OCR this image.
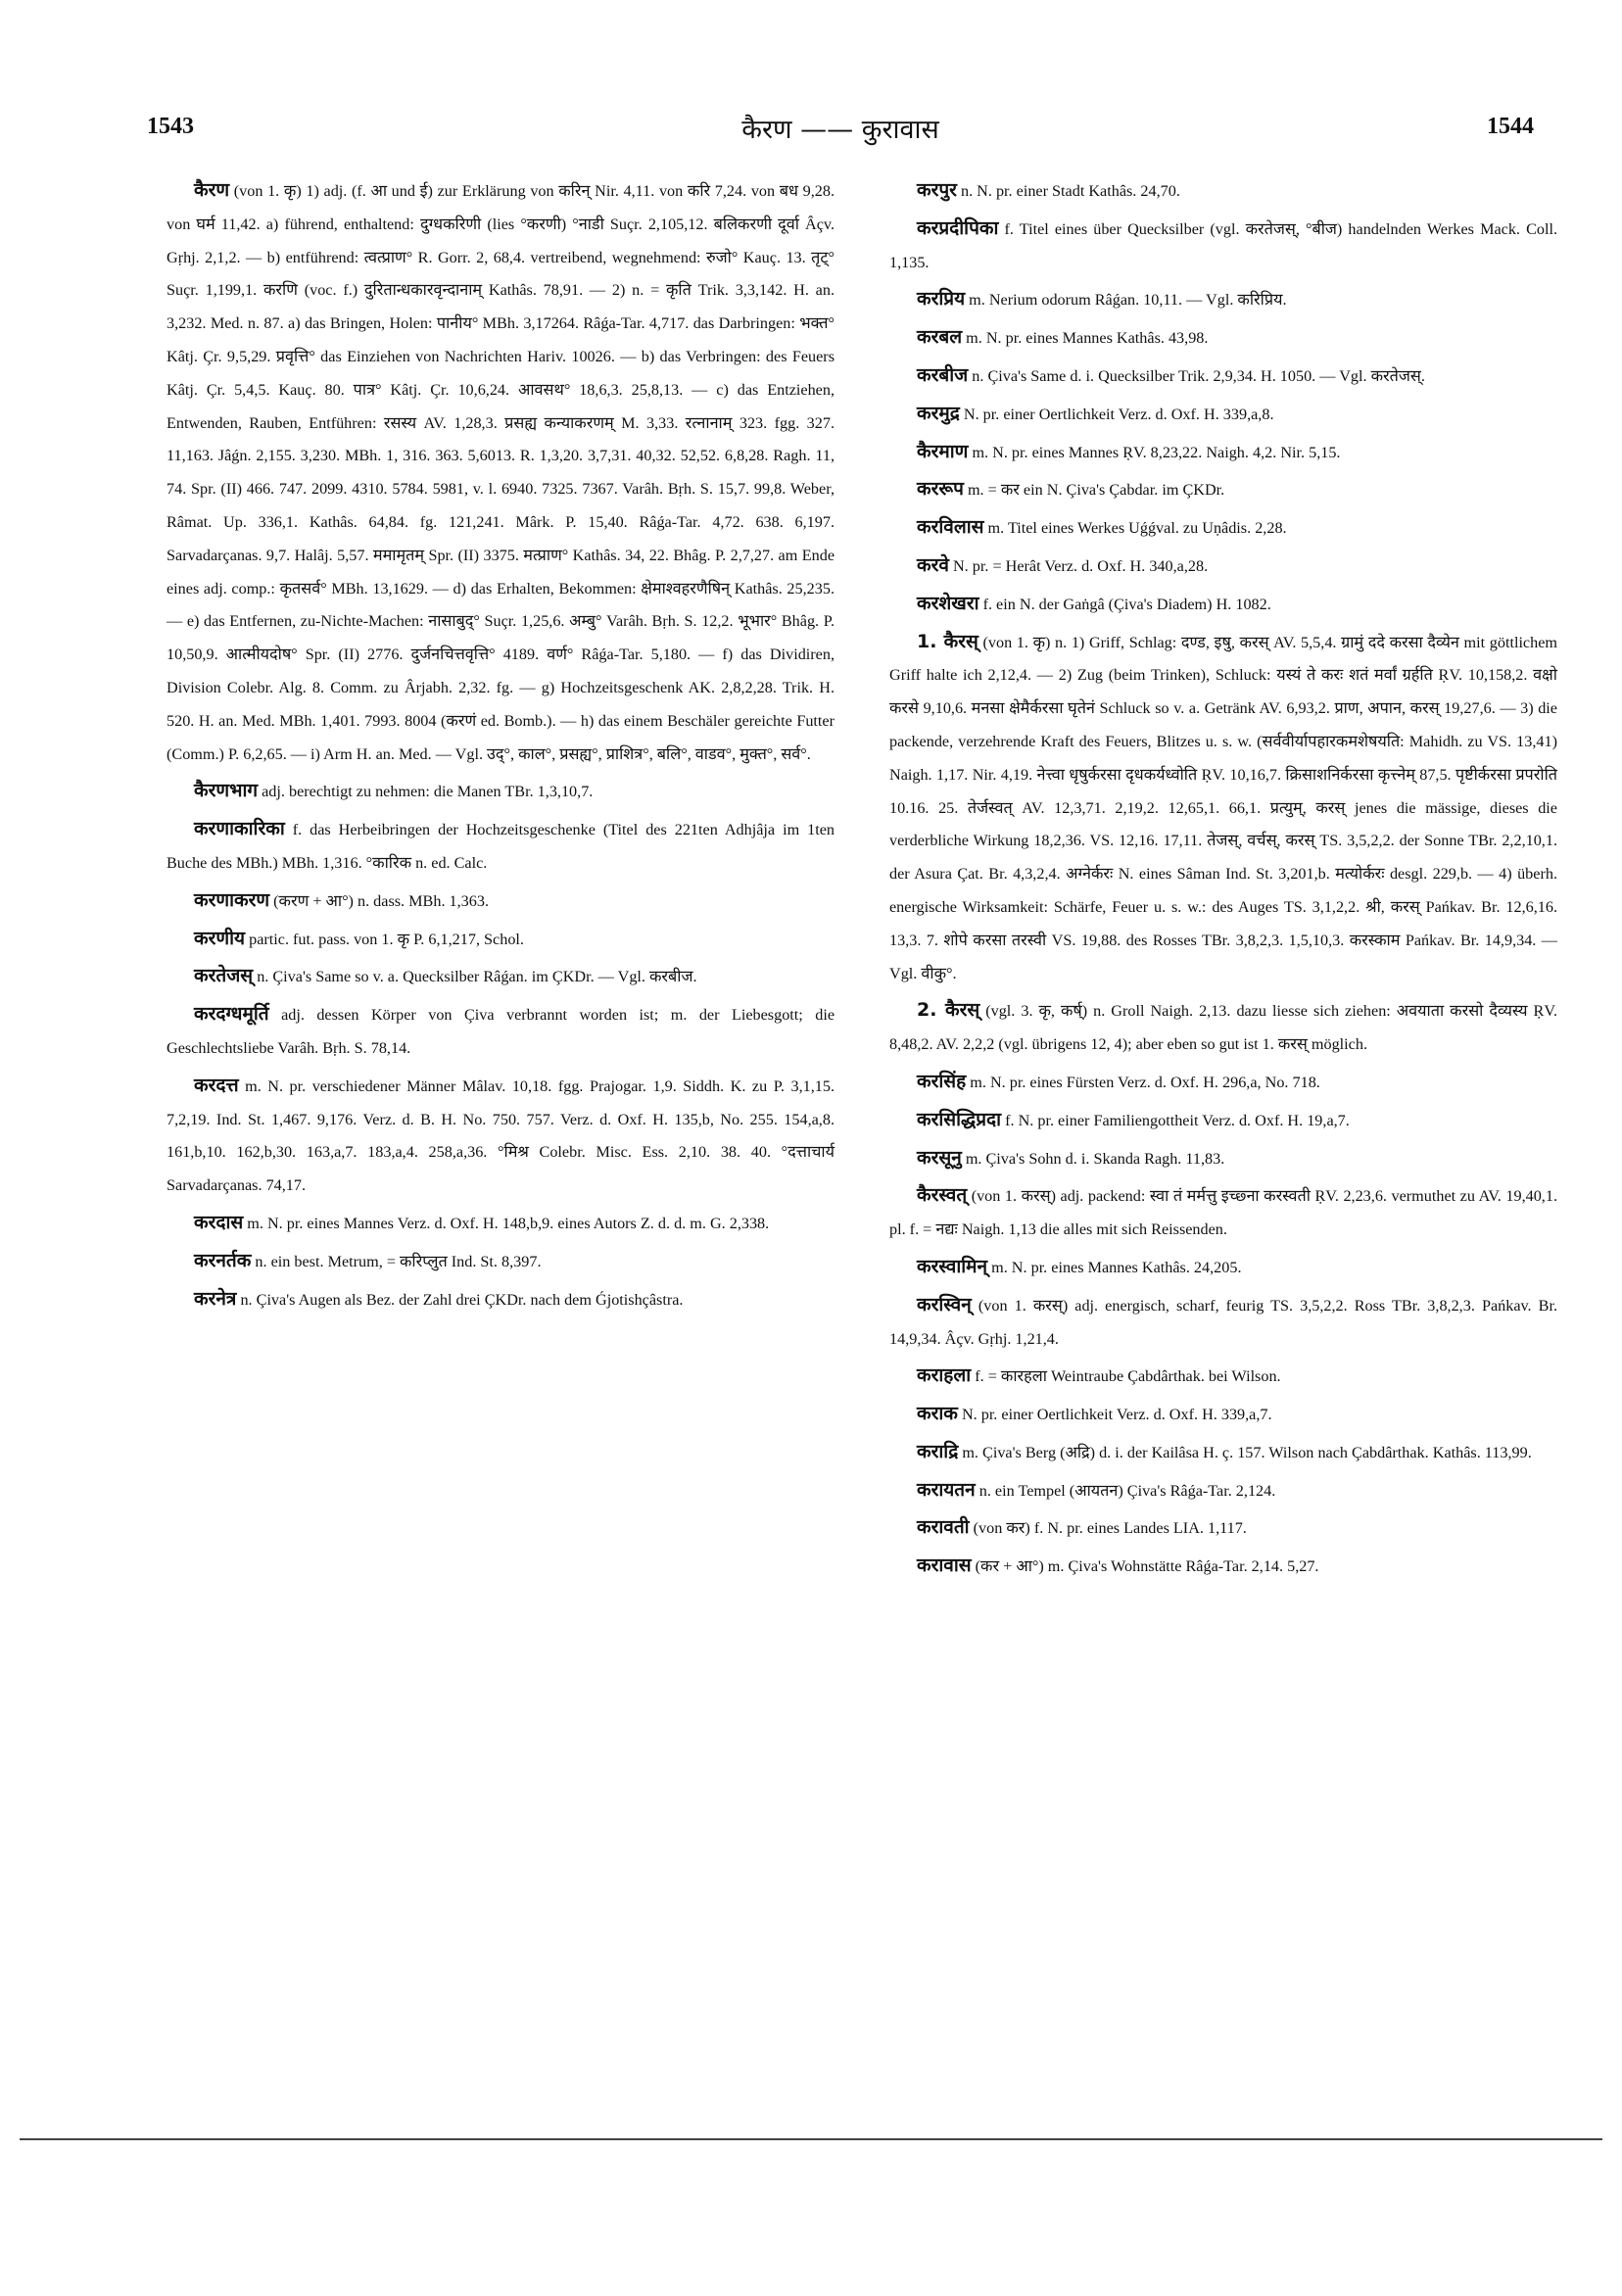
1543	कैरण —— कुरावास	1544

कैरण (von 1. कृ) 1) adj. (f. आ und ई) zur Erklärung von करिन् Nir. 4,11. von करि 7,24. von बध 9,28. von घर्म 11,42. a) führend, enthaltend: दुग्धकरिणी (lies °करणी) °नाडी Suçr. 2,105,12. बलिकरणी दूर्वा Âçv. Gṛhj. 2,1,2. — b) entführend: त्वत्प्राण° R. Gorr. 2, 68,4. vertreibend, wegnehmend: रुजो° Kauç. 13. तृट्° Suçr. 1,199,1. करणि (voc. f.) दुरितान्धकारवृन्दानाम् Kathâs. 78,91. — 2) n. = कृति Trik. 3,3,142. H. an. 3,232. Med. n. 87. a) das Bringen, Holen: पानीय° MBh. 3,17264. Râǵa-Tar. 4,717. das Darbringen: भक्त° Kâtj. Çr. 9,5,29. प्रवृत्ति° das Einziehen von Nachrichten Hariv. 10026. — b) das Verbringen: des Feuers Kâtj. Çr. 5,4,5. Kauç. 80. पात्र° Kâtj. Çr. 10,6,24. आवसथ° 18,6,3. 25,8,13. — c) das Entziehen, Entwenden, Rauben, Entführen: रसस्य AV. 1,28,3. प्रसह्य कन्याकरणम् M. 3,33. रत्नानाम् 323. fgg. 327. 11,163. Jâǵn. 2,155. 3,230. MBh. 1, 316. 363. 5,6013. R. 1,3,20. 3,7,31. 40,32. 52,52. 6,8,28. Ragh. 11, 74. Spr. (II) 466. 747. 2099. 4310. 5784. 5981, v. l. 6940. 7325. 7367. Varâh. Bṛh. S. 15,7. 99,8. Weber, Râmat. Up. 336,1. Kathâs. 64,84. fg. 121,241. Mârk. P. 15,40. Râǵa-Tar. 4,72. 638. 6,197. Sarvadarçanas. 9,7. Halâj. 5,57. ममामृतम् Spr. (II) 3375. मत्प्राण° Kathâs. 34, 22. Bhâg. P. 2,7,27. am Ende eines adj. comp.: कृतसर्व° MBh. 13,1629. — d) das Erhalten, Bekommen: क्षेमाश्वहरणैषिन् Kathâs. 25,235. — e) das Entfernen, zu-Nichte-Machen: नासाबुद्° Suçr. 1,25,6. अम्बु° Varâh. Bṛh. S. 12,2. भूभार° Bhâg. P. 10,50,9. आत्मीयदोष° Spr. (II) 2776. दुर्जनचित्तवृत्ति° 4189. वर्ण° Râǵa-Tar. 5,180. — f) das Dividiren, Division Colebr. Alg. 8. Comm. zu Ârjabh. 2,32. fg. — g) Hochzeitsgeschenk AK. 2,8,2,28. Trik. H. 520. H. an. Med. MBh. 1,401. 7993. 8004 (करणं ed. Bomb.). — h) das einem Beschäler gereichte Futter (Comm.) P. 6,2,65. — i) Arm H. an. Med. — Vgl. उद्°, काल°, प्रसह्य°, प्राशित्र°, बलि°, वाडव°, मुक्त°, सर्व°.

कैरणभाग adj. berechtigt zu nehmen: die Manen TBr. 1,3,10,7.

करणाकारिका f. das Herbeibringen der Hochzeitsgeschenke (Titel des 221ten Adhjâja im 1ten Buche des MBh.) MBh. 1,316. °कारिक n. ed. Calc.

करणाकरण (करण + आ°) n. dass. MBh. 1,363.

करणीय partic. fut. pass. von 1. कृ P. 6,1,217, Schol.

करतेजस् n. Çiva's Same so v. a. Quecksilber Râǵan. im ÇKDr. — Vgl. करबीज.

करदग्धमूर्ति adj. dessen Körper von Çiva verbrannt worden ist; m. der Liebesgott; die Geschlechtsliebe Varâh. Bṛh. S. 78,14.

करदत्त m. N. pr. verschiedener Männer Mâlav. 10,18. fgg. Prajogar. 1,9. Siddh. K. zu P. 3,1,15. 7,2,19. Ind. St. 1,467. 9,176. Verz. d. B. H. No. 750. 757. Verz. d. Oxf. H. 135,b, No. 255. 154,a,8. 161,b,10. 162,b,30. 163,a,7. 183,a,4. 258,a,36. °मिश्र Colebr. Misc. Ess. 2,10. 38. 40. °दत्ताचार्य Sarvadarçanas. 74,17.

करदास m. N. pr. eines Mannes Verz. d. Oxf. H. 148,b,9. eines Autors Z. d. d. m. G. 2,338.

करनर्तक n. ein best. Metrum, = करिप्लुत Ind. St. 8,397.

करनेत्र n. Çiva's Augen als Bez. der Zahl drei ÇKDr. nach dem Ǵjotishçâstra.

करपुर n. N. pr. einer Stadt Kathâs. 24,70.

करप्रदीपिका f. Titel eines über Quecksilber (vgl. करतेजस्, °बीज) handelnden Werkes Mack. Coll. 1,135.

करप्रिय m. Nerium odorum Râǵan. 10,11. — Vgl. करिप्रिय.

करबल m. N. pr. eines Mannes Kathâs. 43,98.

करबीज n. Çiva's Same d. i. Quecksilber Trik. 2,9,34. H. 1050. — Vgl. करतेजस्.

करमुद्र N. pr. einer Oertlichkeit Verz. d. Oxf. H. 339,a,8.

कैरमाण m. N. pr. eines Mannes ṚV. 8,23,22. Naigh. 4,2. Nir. 5,15.

कररूप m. = कर ein N. Çiva's Çabdar. im ÇKDr.

करविलास m. Titel eines Werkes Uǵǵval. zu Uṇâdis. 2,28.

करवे N. pr. = Herât Verz. d. Oxf. H. 340,a,28.

करशेखरा f. ein N. der Gaṅgâ (Çiva's Diadem) H. 1082.

1. कैरस् (von 1. कृ) n. 1) Griff, Schlag: दण्ड, इषु, करस् AV. 5,5,4. ग्रामुं ददे करसा दैव्येन mit göttlichem Griff halte ich 2,12,4. — 2) Zug (beim Trinken), Schluck: यस्यं ते करः शतं मर्वां ग्रर्हति ṚV. 10,158,2. वक्षो करसे 9,10,6. मनसा क्षेमैर्करसा घृतेनं Schluck so v. a. Getränk AV. 6,93,2. प्राण, अपान, करस् 19,27,6. — 3) die packende, verzehrende Kraft des Feuers, Blitzes u. s. w. (सर्ववीर्यापहारकमशेषयति: Mahidh. zu VS. 13,41) Naigh. 1,17. Nir. 4,19. नेत्त्वा धृषुर्करसा दृधकर्यध्वोति ṚV. 10,16,7. क्रिसाशनिर्करसा कृत्त्नेम् 87,5. पृष्टीर्करसा प्रपरोति 10.16. 25. तेर्जस्वत् AV. 12,3,71. 2,19,2. 12,65,1. 66,1. प्रत्युम्, करस् jenes die mässige, dieses die verderbliche Wirkung 18,2,36. VS. 12,16. 17,11. तेजस्, वर्चस्, करस् TS. 3,5,2,2. der Sonne TBr. 2,2,10,1. der Asura Çat. Br. 4,3,2,4. अग्नेर्करः N. eines Sâman Ind. St. 3,201,b. मत्योर्करः desgl. 229,b. — 4) überh. energische Wirksamkeit: Schärfe, Feuer u. s. w.: des Auges TS. 3,1,2,2. श्री, करस् Pańkav. Br. 12,6,16. 13,3. 7. शोपे करसा तरस्वी VS. 19,88. des Rosses TBr. 3,8,2,3. 1,5,10,3. करस्काम Pańkav. Br. 14,9,34. — Vgl. वीकु°.

2. कैरस् (vgl. 3. कृ, कर्ष्) n. Groll Naigh. 2,13. dazu liesse sich ziehen: अवयाता करसो दैव्यस्य ṚV. 8,48,2. AV. 2,2,2 (vgl. übrigens 12, 4); aber eben so gut ist 1. करस् möglich.

करसिंह m. N. pr. eines Fürsten Verz. d. Oxf. H. 296,a, No. 718.

करसिद्धिप्रदा f. N. pr. einer Familiengottheit Verz. d. Oxf. H. 19,a,7.

करसूनु m. Çiva's Sohn d. i. Skanda Ragh. 11,83.

कैरस्वत् (von 1. करस्) adj. packend: स्वा तं मर्मत्तु इच्छ्ना करस्वती ṚV. 2,23,6. vermuthet zu AV. 19,40,1. pl. f. = नद्यः Naigh. 1,13 die alles mit sich Reissenden.

करस्वामिन् m. N. pr. eines Mannes Kathâs. 24,205.

करस्विन् (von 1. करस्) adj. energisch, scharf, feurig TS. 3,5,2,2. Ross TBr. 3,8,2,3. Pańkav. Br. 14,9,34. Âçv. Gṛhj. 1,21,4.

कराहला f. = कारहला Weintraube Çabdârthak. bei Wilson.

कराक N. pr. einer Oertlichkeit Verz. d. Oxf. H. 339,a,7.

कराद्रि m. Çiva's Berg (अद्रि) d. i. der Kailâsa H. ç. 157. Wilson nach Çabdârthak. Kathâs. 113,99.

करायतन n. ein Tempel (आयतन) Çiva's Râǵa-Tar. 2,124.

करावती (von कर) f. N. pr. eines Landes LIA. 1,117.

करावास (कर + आ°) m. Çiva's Wohnstätte Râǵa-Tar. 2,14. 5,27.
